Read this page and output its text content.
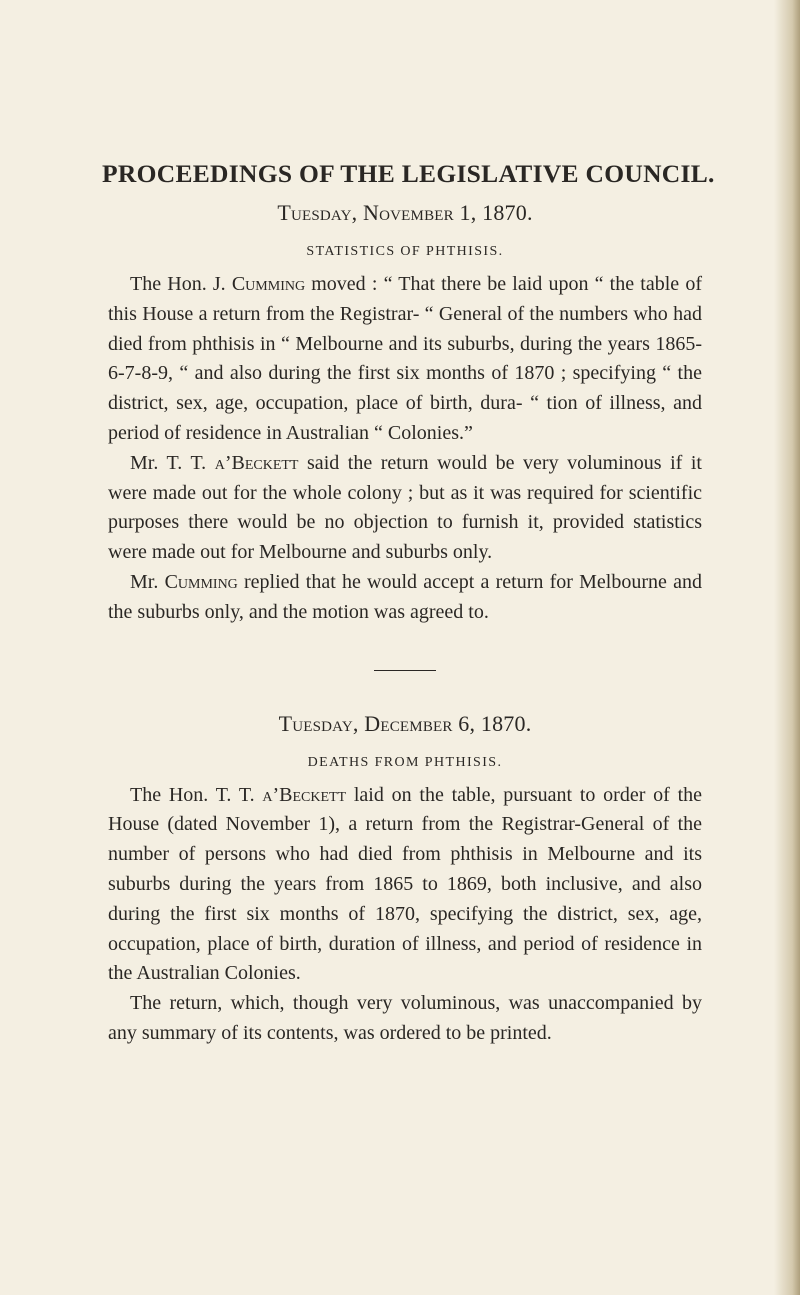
PROCEEDINGS OF THE LEGISLATIVE COUNCIL.

Tuesday, November 1, 1870.

STATISTICS OF PHTHISIS.

The Hon. J. Cumming moved : “ That there be laid upon “ the table of this House a return from the Registrar- “ General of the numbers who had died from phthisis in “ Melbourne and its suburbs, during the years 1865-6-7-8-9, “ and also during the first six months of 1870 ; specifying “ the district, sex, age, occupation, place of birth, dura- “ tion of illness, and period of residence in Australian “ Colonies.”

Mr. T. T. a’Beckett said the return would be very voluminous if it were made out for the whole colony ; but as it was required for scientific purposes there would be no objection to furnish it, provided statistics were made out for Melbourne and suburbs only.

Mr. Cumming replied that he would accept a return for Melbourne and the suburbs only, and the motion was agreed to.

Tuesday, December 6, 1870.

DEATHS FROM PHTHISIS.

The Hon. T. T. a’Beckett laid on the table, pursuant to order of the House (dated November 1), a return from the Registrar-General of the number of persons who had died from phthisis in Melbourne and its suburbs during the years from 1865 to 1869, both inclusive, and also during the first six months of 1870, specifying the district, sex, age, occupation, place of birth, duration of illness, and period of residence in the Australian Colonies.

The return, which, though very voluminous, was unaccompanied by any summary of its contents, was ordered to be printed.
